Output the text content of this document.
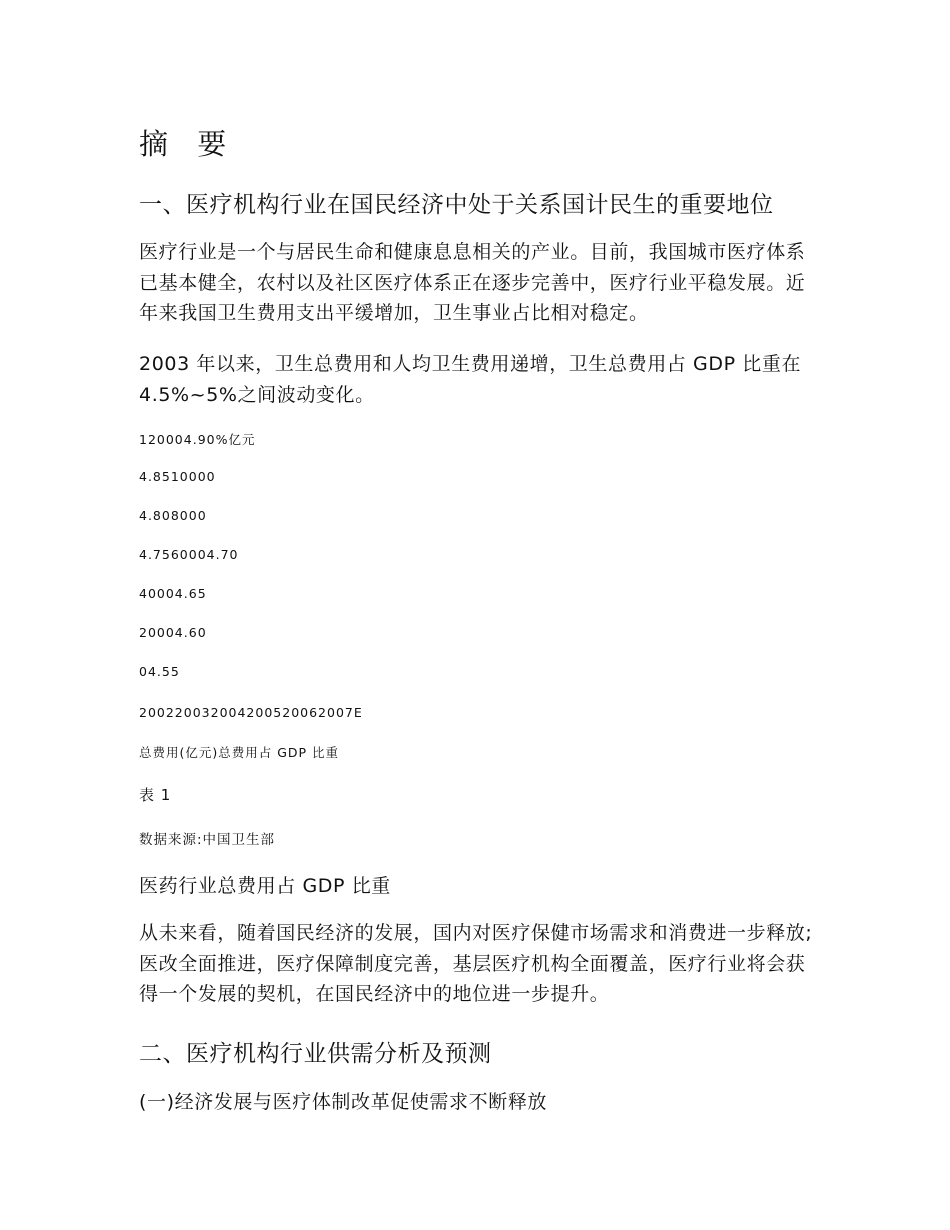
摘 要
一、医疗机构行业在国民经济中处于关系国计民生的重要地位

医疗行业是一个与居民生命和健康息息相关的产业。目前，我国城市医疗体系已基本健全，农村以及社区医疗体系正在逐步完善中，医疗行业平稳发展。近年来我国卫生费用支出平缓增加，卫生事业占比相对稳定。

2003 年以来，卫生总费用和人均卫生费用递增，卫生总费用占 GDP 比重在 4.5%~5%之间波动变化。

120004.90%亿元
4.8510000
4.808000
4.7560004.70
40004.65
20004.60
04.55
200220032004200520062007E
总费用(亿元)总费用占 GDP 比重
表 1
数据来源:中国卫生部
医药行业总费用占 GDP 比重

从未来看，随着国民经济的发展，国内对医疗保健市场需求和消费进一步释放;医改全面推进，医疗保障制度完善，基层医疗机构全面覆盖，医疗行业将会获得一个发展的契机，在国民经济中的地位进一步提升。

二、医疗机构行业供需分析及预测
(一)经济发展与医疗体制改革促使需求不断释放
